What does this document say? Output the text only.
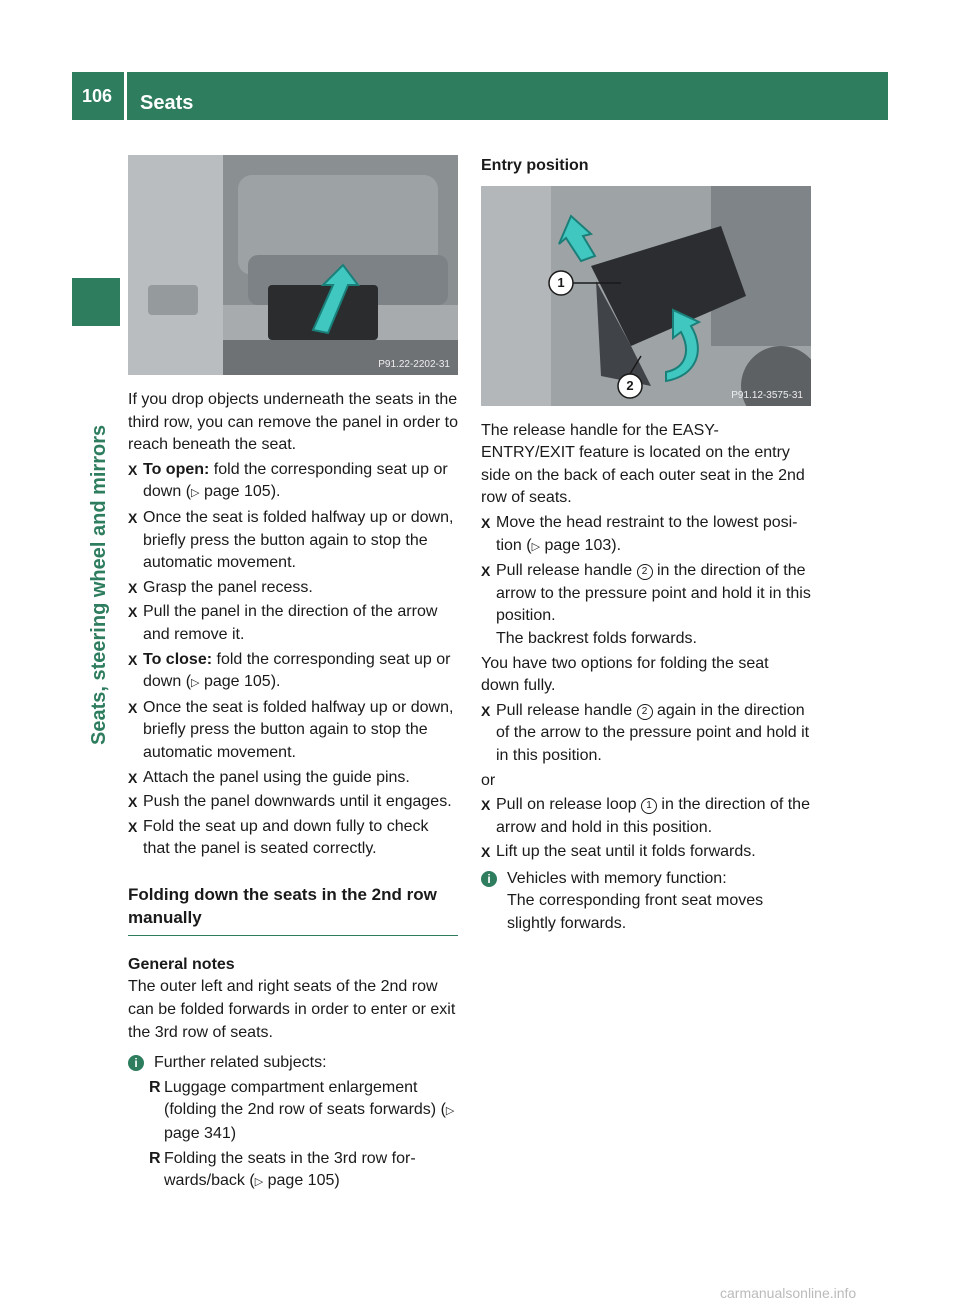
106	Seats
Seats, steering wheel and mirrors
P91.22-2202-31

If you drop objects underneath the seats in the third row, you can remove the panel in order to reach beneath the seat.

X To open: fold the corresponding seat up or down (▷ page 105).
X Once the seat is folded halfway up or down, briefly press the button again to stop the automatic movement.
X Grasp the panel recess.
X Pull the panel in the direction of the arrow and remove it.
X To close: fold the corresponding seat up or down (▷ page 105).
X Once the seat is folded halfway up or down, briefly press the button again to stop the automatic movement.
X Attach the panel using the guide pins.
X Push the panel downwards until it engages.
X Fold the seat up and down fully to check that the panel is seated correctly.
Folding down the seats in the 2nd row manually
General notes

The outer left and right seats of the 2nd row can be folded forwards in order to enter or exit the 3rd row of seats.

i	Further related subjects:
R Luggage compartment enlargement (folding the 2nd row of seats forwards) (▷ page 341)
R Folding the seats in the 3rd row for-wards/back (▷ page 105)
Entry position
1
2
P91.12-3575-31

The release handle for the EASY-ENTRY/EXIT feature is located on the entry side on the back of each outer seat in the 2nd row of seats.

X Move the head restraint to the lowest posi-tion (▷ page 103).
X Pull release handle 2 in the direction of the arrow to the pressure point and hold it in this position.
The backrest folds forwards.

You have two options for folding the seat down fully.

X Pull release handle 2 again in the direction of the arrow to the pressure point and hold it in this position.

or

X Pull on release loop 1 in the direction of the arrow and hold in this position.
X Lift up the seat until it folds forwards.
i	Vehicles with memory function:
The corresponding front seat moves slightly forwards.
carmanualsonline.info
